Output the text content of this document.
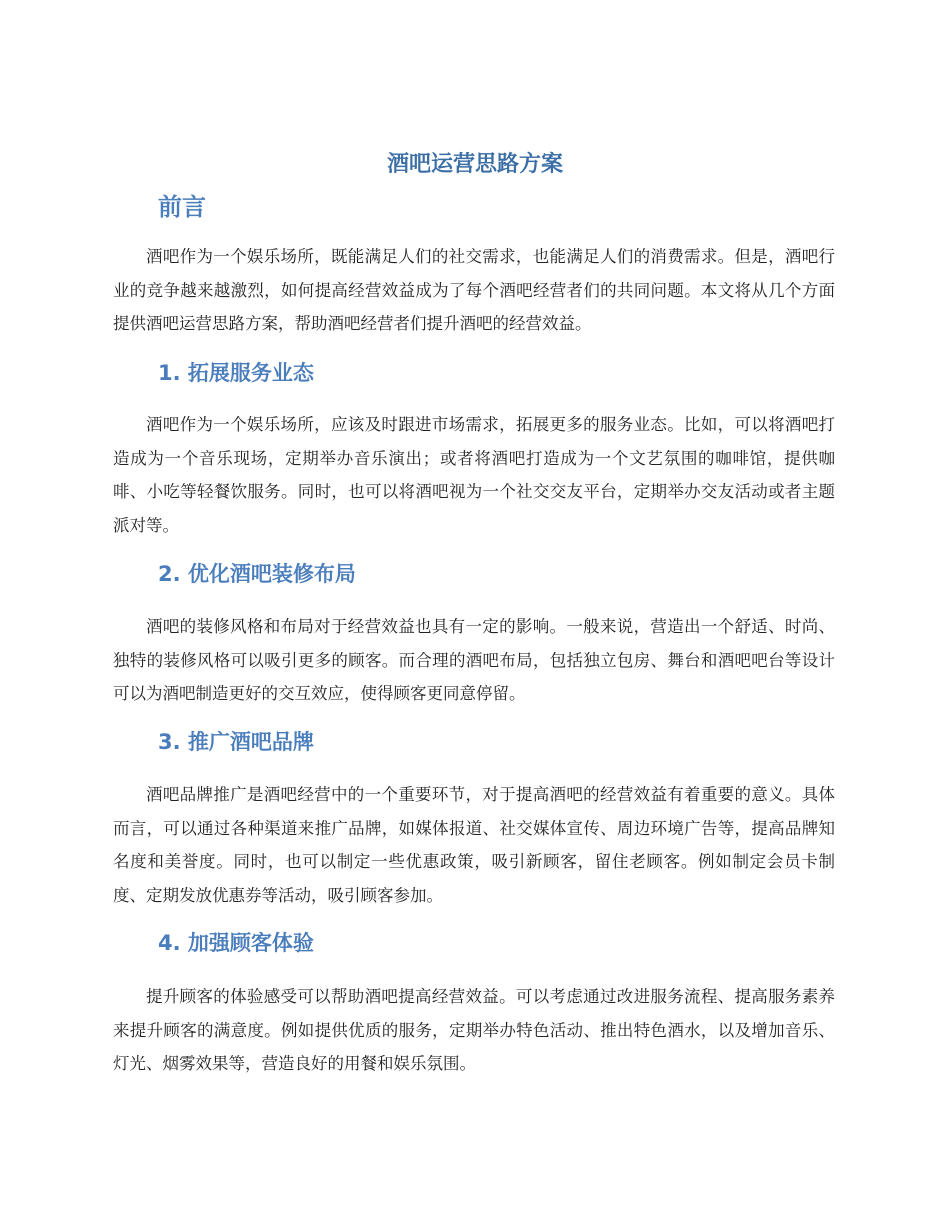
酒吧运营思路方案
前言

酒吧作为一个娱乐场所，既能满足人们的社交需求，也能满足人们的消费需求。但是，酒吧行业的竞争越来越激烈，如何提高经营效益成为了每个酒吧经营者们的共同问题。本文将从几个方面提供酒吧运营思路方案，帮助酒吧经营者们提升酒吧的经营效益。

1. 拓展服务业态

酒吧作为一个娱乐场所，应该及时跟进市场需求，拓展更多的服务业态。比如，可以将酒吧打造成为一个音乐现场，定期举办音乐演出；或者将酒吧打造成为一个文艺氛围的咖啡馆，提供咖啡、小吃等轻餐饮服务。同时，也可以将酒吧视为一个社交交友平台，定期举办交友活动或者主题派对等。

2. 优化酒吧装修布局

酒吧的装修风格和布局对于经营效益也具有一定的影响。一般来说，营造出一个舒适、时尚、独特的装修风格可以吸引更多的顾客。而合理的酒吧布局，包括独立包房、舞台和酒吧吧台等设计可以为酒吧制造更好的交互效应，使得顾客更同意停留。

3. 推广酒吧品牌

酒吧品牌推广是酒吧经营中的一个重要环节，对于提高酒吧的经营效益有着重要的意义。具体而言，可以通过各种渠道来推广品牌，如媒体报道、社交媒体宣传、周边环境广告等，提高品牌知名度和美誉度。同时，也可以制定一些优惠政策，吸引新顾客，留住老顾客。例如制定会员卡制度、定期发放优惠券等活动，吸引顾客参加。

4. 加强顾客体验

提升顾客的体验感受可以帮助酒吧提高经营效益。可以考虑通过改进服务流程、提高服务素养来提升顾客的满意度。例如提供优质的服务，定期举办特色活动、推出特色酒水，以及增加音乐、灯光、烟雾效果等，营造良好的用餐和娱乐氛围。
